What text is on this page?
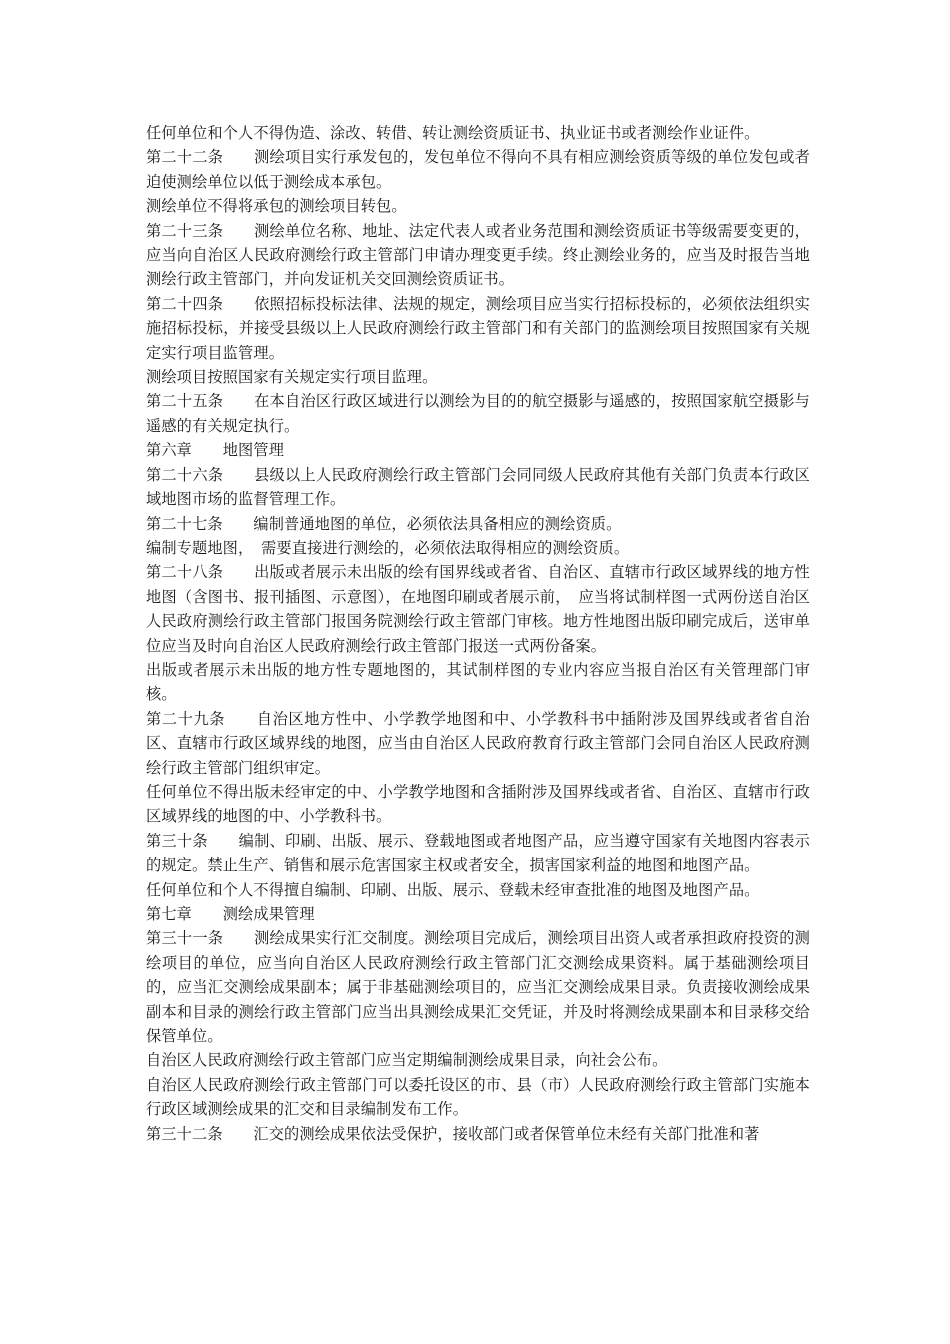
任何单位和个人不得伪造、涂改、转借、转让测绘资质证书、执业证书或者测绘作业证件。

第二十二条　　测绘项目实行承发包的，发包单位不得向不具有相应测绘资质等级的单位发包或者迫使测绘单位以低于测绘成本承包。

测绘单位不得将承包的测绘项目转包。

第二十三条　　测绘单位名称、地址、法定代表人或者业务范围和测绘资质证书等级需要变更的，应当向自治区人民政府测绘行政主管部门申请办理变更手续。终止测绘业务的，应当及时报告当地测绘行政主管部门，并向发证机关交回测绘资质证书。

第二十四条　　依照招标投标法律、法规的规定，测绘项目应当实行招标投标的，必须依法组织实施招标投标，并接受县级以上人民政府测绘行政主管部门和有关部门的监测绘项目按照国家有关规定实行项目监管理。

测绘项目按照国家有关规定实行项目监理。

第二十五条　　在本自治区行政区域进行以测绘为目的的航空摄影与遥感的，按照国家航空摄影与遥感的有关规定执行。

第六章　　地图管理

第二十六条　　县级以上人民政府测绘行政主管部门会同同级人民政府其他有关部门负责本行政区域地图市场的监督管理工作。

第二十七条　　编制普通地图的单位，必须依法具备相应的测绘资质。

编制专题地图，　需要直接进行测绘的，必须依法取得相应的测绘资质。

第二十八条　　出版或者展示未出版的绘有国界线或者省、自治区、直辖市行政区域界线的地方性地图（含图书、报刊插图、示意图），在地图印刷或者展示前，　应当将试制样图一式两份送自治区人民政府测绘行政主管部门报国务院测绘行政主管部门审核。地方性地图出版印刷完成后，送审单位应当及时向自治区人民政府测绘行政主管部门报送一式两份备案。

出版或者展示未出版的地方性专题地图的，其试制样图的专业内容应当报自治区有关管理部门审核。

第二十九条　　自治区地方性中、小学教学地图和中、小学教科书中插附涉及国界线或者省自治区、直辖市行政区域界线的地图，应当由自治区人民政府教育行政主管部门会同自治区人民政府测绘行政主管部门组织审定。

任何单位不得出版未经审定的中、小学教学地图和含插附涉及国界线或者省、自治区、直辖市行政区域界线的地图的中、小学教科书。

第三十条　　编制、印刷、出版、展示、登载地图或者地图产品，应当遵守国家有关地图内容表示的规定。禁止生产、销售和展示危害国家主权或者安全，损害国家利益的地图和地图产品。

任何单位和个人不得擅自编制、印刷、出版、展示、登载未经审查批准的地图及地图产品。

第七章　　测绘成果管理

第三十一条　　测绘成果实行汇交制度。测绘项目完成后，测绘项目出资人或者承担政府投资的测绘项目的单位，应当向自治区人民政府测绘行政主管部门汇交测绘成果资料。属于基础测绘项目的，应当汇交测绘成果副本；属于非基础测绘项目的，应当汇交测绘成果目录。负责接收测绘成果副本和目录的测绘行政主管部门应当出具测绘成果汇交凭证，并及时将测绘成果副本和目录移交给保管单位。

自治区人民政府测绘行政主管部门应当定期编制测绘成果目录，向社会公布。

自治区人民政府测绘行政主管部门可以委托设区的市、县（市）人民政府测绘行政主管部门实施本行政区域测绘成果的汇交和目录编制发布工作。

第三十二条　　汇交的测绘成果依法受保护，接收部门或者保管单位未经有关部门批准和著
